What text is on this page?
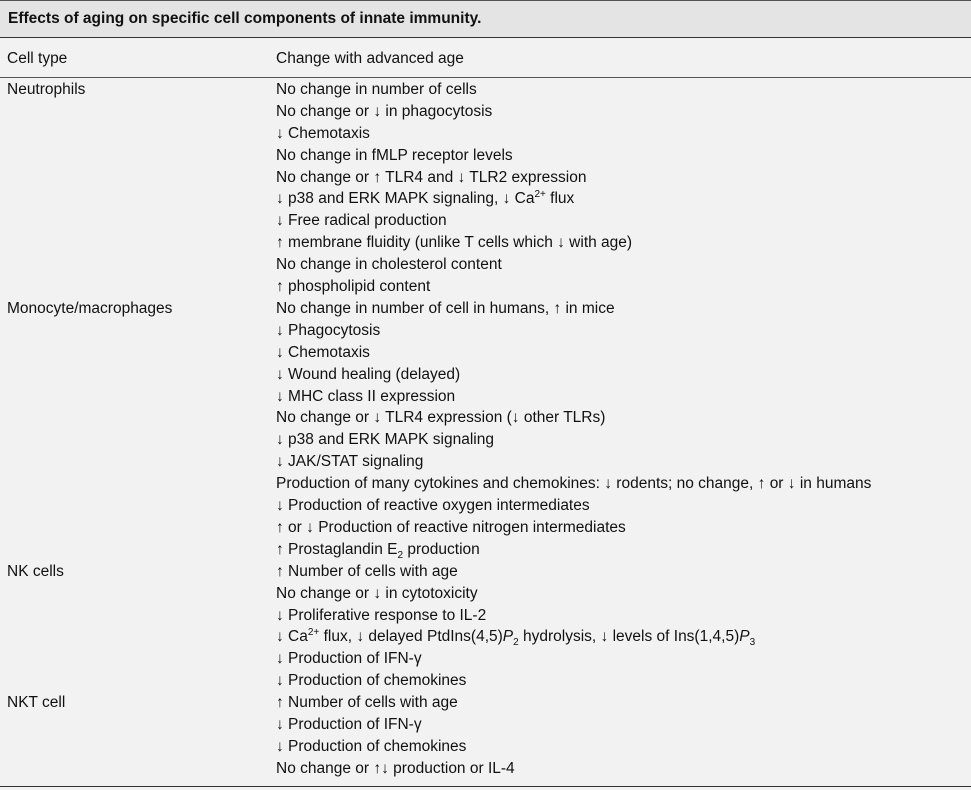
Effects of aging on specific cell components of innate immunity.
Cell type	Change with advanced age
Neutrophils	No change in number of cells
No change or ↓ in phagocytosis
↓ Chemotaxis
No change in fMLP receptor levels
No change or ↑ TLR4 and ↓ TLR2 expression
↓ p38 and ERK MAPK signaling, ↓ $Ca^{2+}$ flux
↓ Free radical production
↑ membrane fluidity (unlike T cells which ↓ with age)
No change in cholesterol content
↑ phospholipid content
Monocyte/macrophages	No change in number of cell in humans, ↑ in mice
↓ Phagocytosis
↓ Chemotaxis
↓ Wound healing (delayed)
↓ MHC class II expression
No change or ↓ TLR4 expression (↓ other TLRs)
↓ p38 and ERK MAPK signaling
↓ JAK/STAT signaling
Production of many cytokines and chemokines: ↓ rodents; no change, ↑ or ↓ in humans
↓ Production of reactive oxygen intermediates
↑ or ↓ Production of reactive nitrogen intermediates
↑ Prostaglandin $E_2$ production
NK cells	↑ Number of cells with age
No change or ↓ in cytotoxicity
↓ Proliferative response to IL-2
↓ $Ca^{2+}$ flux, ↓ delayed $PtdIns(4,5)P_2$ hydrolysis, ↓ levels of $Ins(1,4,5)P_3$
↓ Production of IFN-γ
↓ Production of chemokines
NKT cell	↑ Number of cells with age
↓ Production of IFN-γ
↓ Production of chemokines
No change or ↑↓ production or IL-4
